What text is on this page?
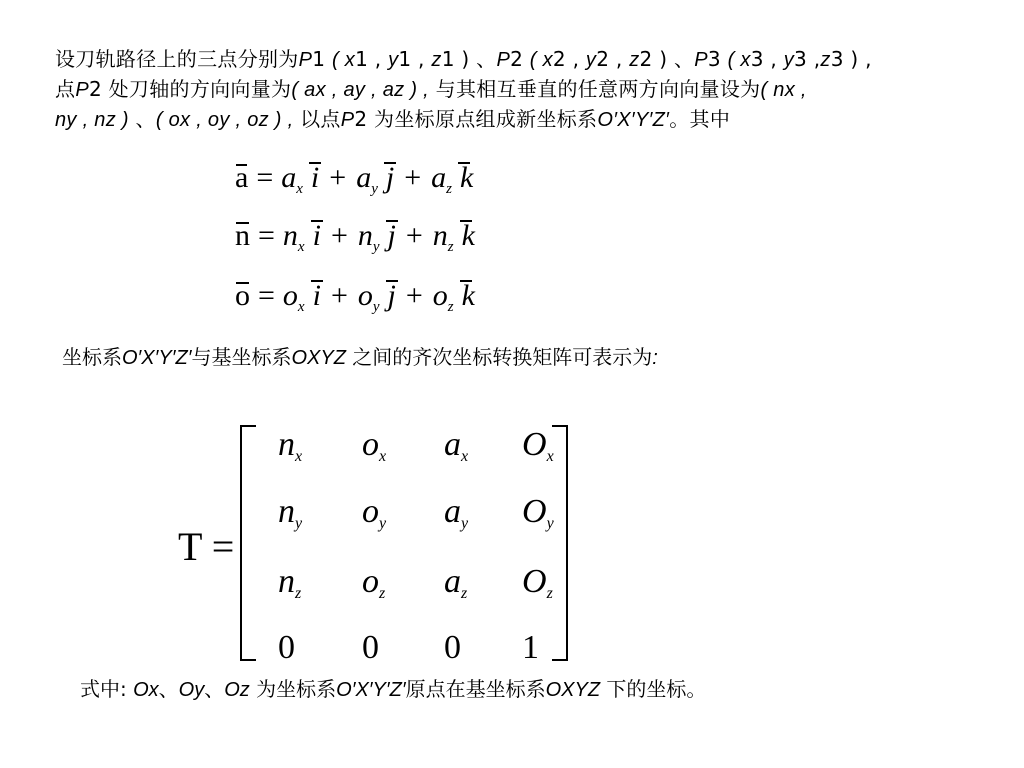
设刀轨路径上的三点分别为P1 ( x1 , y1 , z1 ) 、P2 ( x2 , y2 , z2 ) 、P3 ( x3 , y3 ,z3 ) ,
点P2 处刀轴的方向向量为( ax , ay , az ) , 与其相互垂直的任意两方向向量设为( nx ,
ny , nz ) 、( ox , oy , oz ) , 以点P2 为坐标原点组成新坐标系O′X′Y′Z′。其中
$a = a_x$ $i + a_y$ $j + a_z$ k
$n = n_x$ $i + n_y$ $j + n_z$ k
$o = o_x$ $i + o_y$ $j + o_z$ k
坐标系O′X′Y′Z′与基坐标系OXYZ 之间的齐次坐标转换矩阵可表示为:
T =
$n_x$	$o_x$	$a_x$	$O_x$
$n_y$	$o_y$	$a_y$	$O_y$
$n_z$	$o_z$	$a_z$	$O_z$
0	0	0	1
式中: Ox、Oy、Oz 为坐标系O′X′Y′Z′原点在基坐标系OXYZ 下的坐标。
